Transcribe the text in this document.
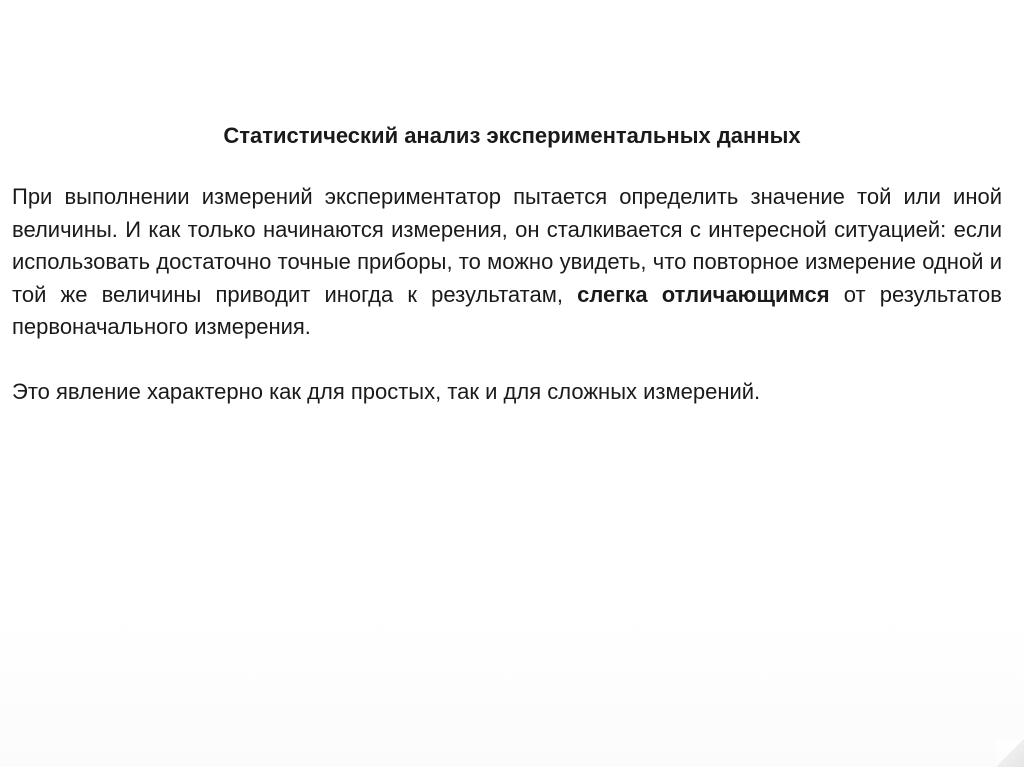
Статистический анализ экспериментальных данных

При выполнении измерений экспериментатор пытается определить значение той или иной величины. И как только начинаются измерения, он сталкивается с интересной ситуацией: если использовать достаточно точные приборы, то можно увидеть, что повторное измерение одной и той же величины приводит иногда к результатам, слегка отличающимся от результатов первоначального измерения.

Это явление характерно как для простых, так и для сложных измерений.
